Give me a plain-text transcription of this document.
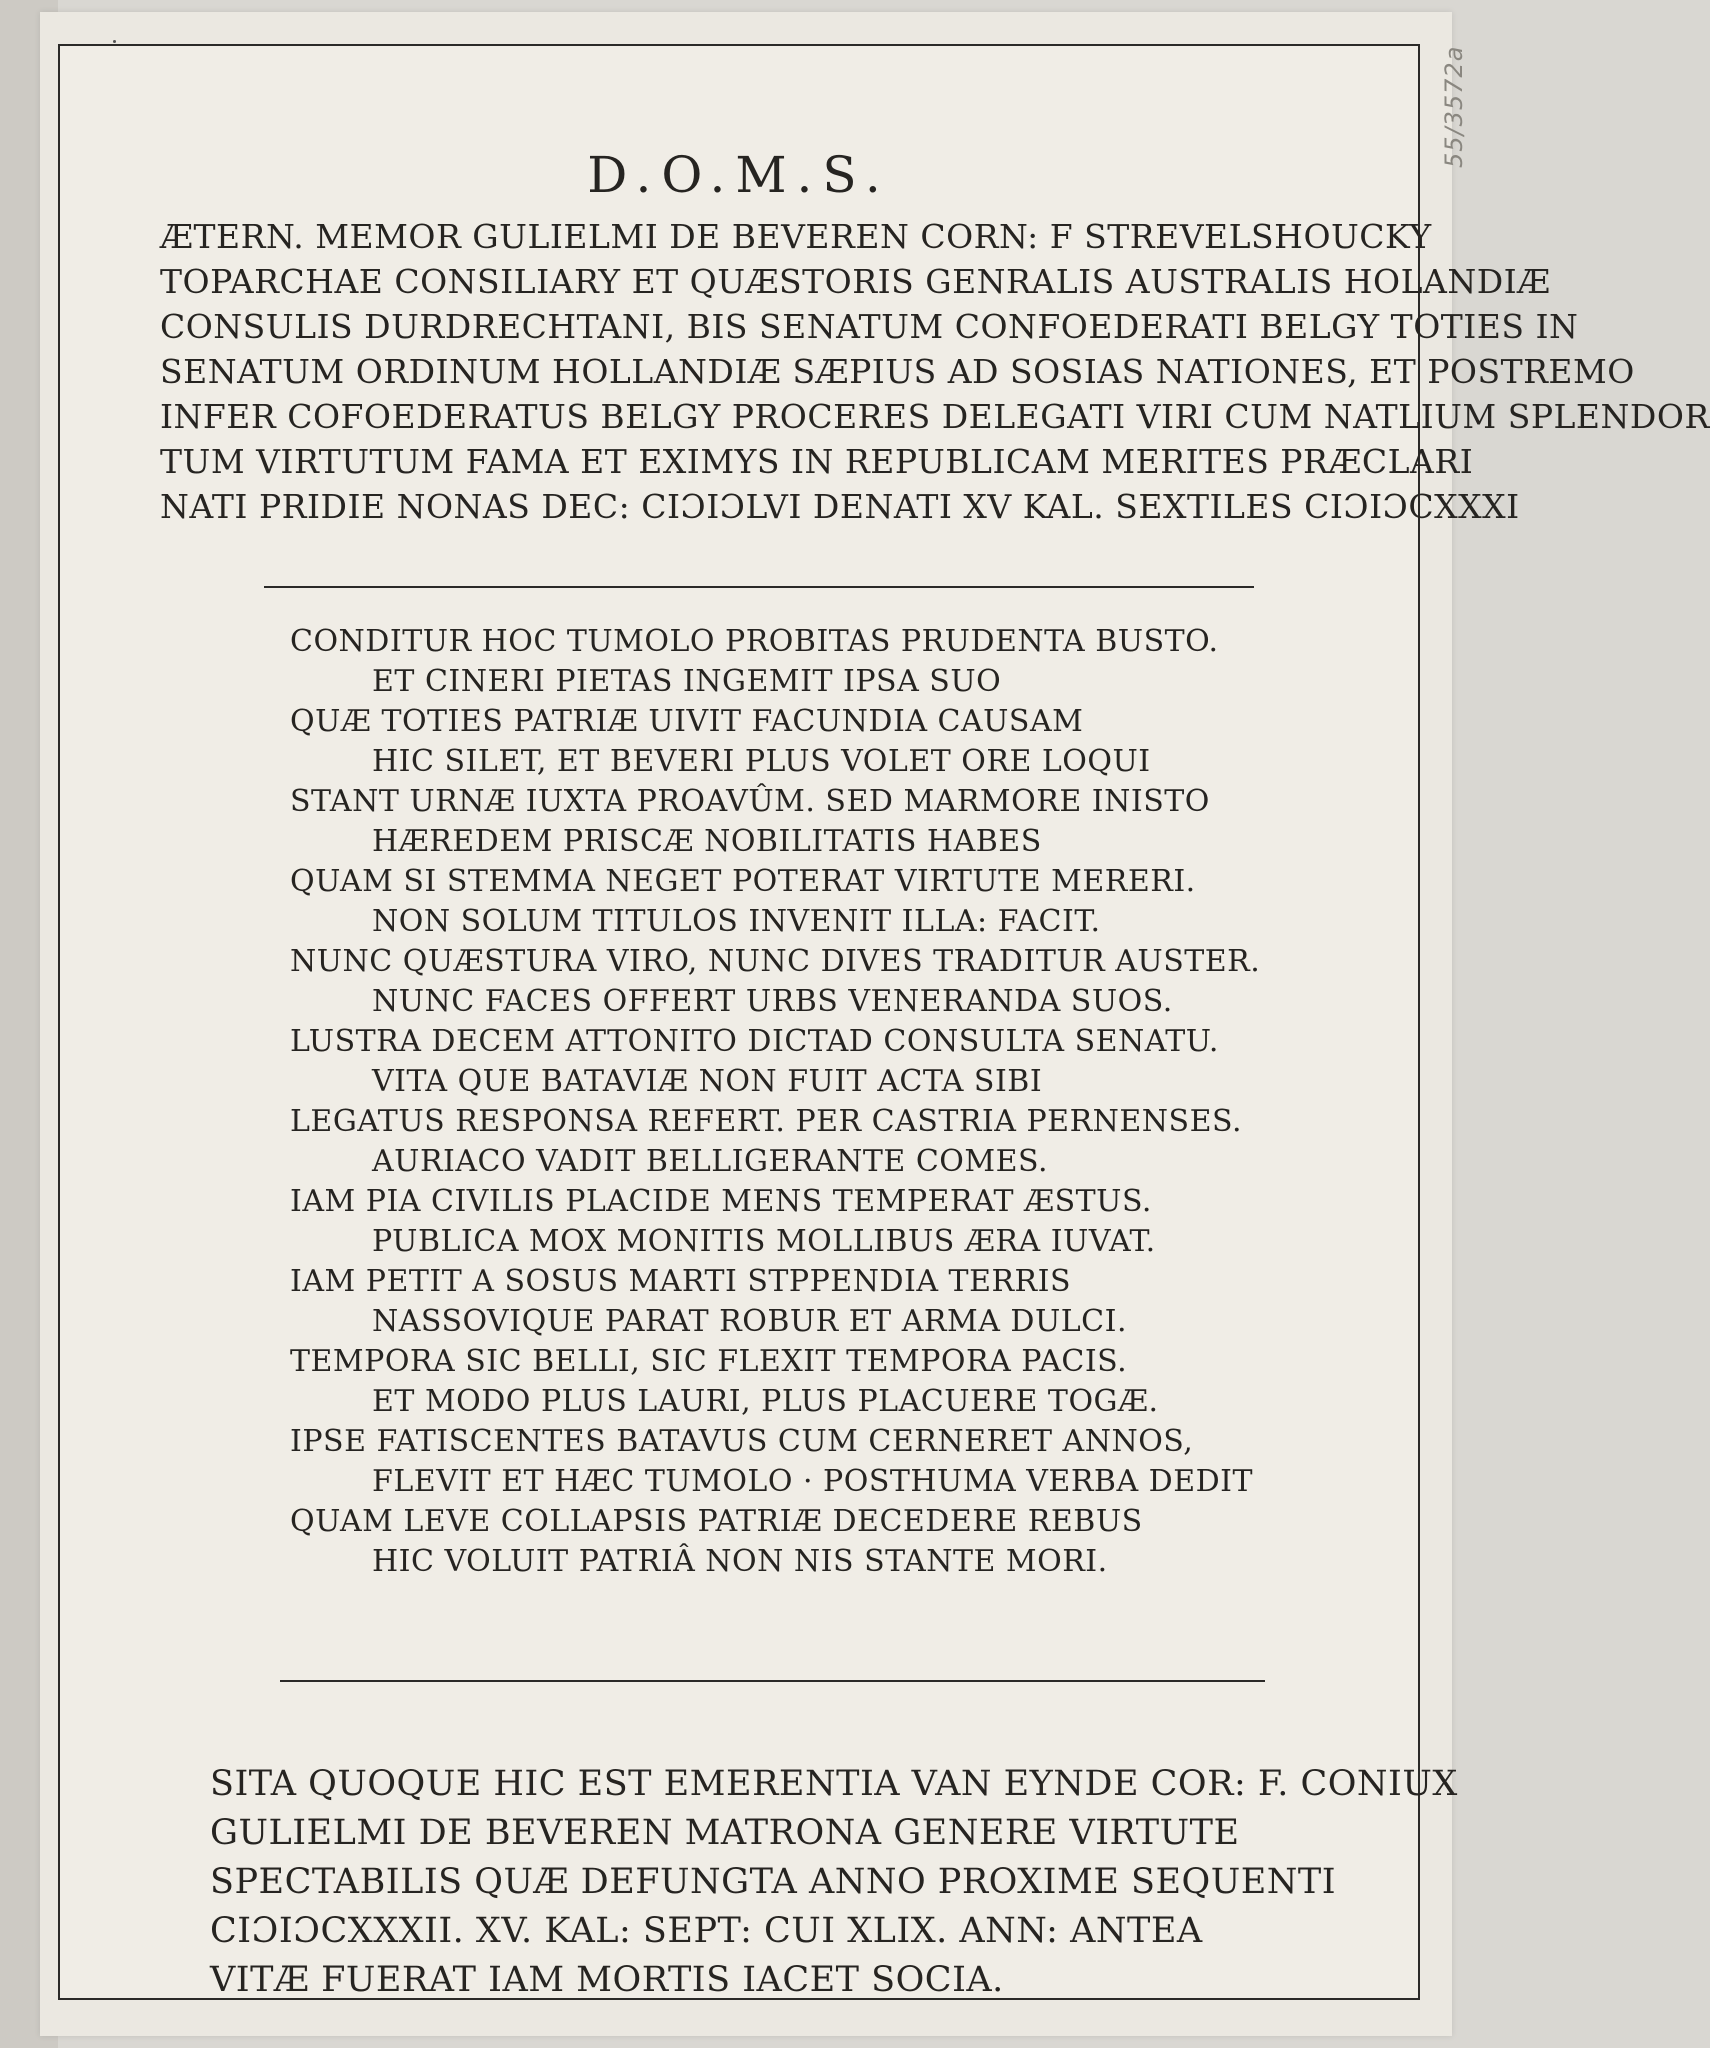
55/3572a
D.O.M.S.
ÆTERN. MEMOR GULIELMI DE BEVEREN CORN: F STREVELSHOUCKY
TOPARCHAE CONSILIARY ET QUÆSTORIS GENRALIS AUSTRALIS HOLANDIÆ
CONSULIS DURDRECHTANI, BIS SENATUM CONFOEDERATI BELGY TOTIES IN
SENATUM ORDINUM HOLLANDIÆ SÆPIUS AD SOSIAS NATIONES, ET POSTREMO
INFER COFOEDERATUS BELGY PROCERES DELEGATI VIRI CUM NATLIUM SPLENDOR
TUM VIRTUTUM FAMA ET EXIMYS IN REPUBLICAM MERITES PRÆCLARI
NATI PRIDIE NONAS DEC: CIƆIƆLVI DENATI XV KAL. SEXTILES CIƆIƆCXXXI
CONDITUR HOC TUMOLO PROBITAS PRUDENTA BUSTO.
ET CINERI PIETAS INGEMIT IPSA SUO
QUÆ TOTIES PATRIÆ UIVIT FACUNDIA CAUSAM
HIC SILET, ET BEVERI PLUS VOLET ORE LOQUI
STANT URNÆ IUXTA PROAVÛM. SED MARMORE INISTO
HÆREDEM PRISCÆ NOBILITATIS HABES
QUAM SI STEMMA NEGET POTERAT VIRTUTE MERERI.
NON SOLUM TITULOS INVENIT ILLA: FACIT.
NUNC QUÆSTURA VIRO, NUNC DIVES TRADITUR AUSTER.
NUNC FACES OFFERT URBS VENERANDA SUOS.
LUSTRA DECEM ATTONITO DICTAD CONSULTA SENATU.
VITA QUE BATAVIÆ NON FUIT ACTA SIBI
LEGATUS RESPONSA REFERT. PER CASTRIA PERNENSES.
AURIACO VADIT BELLIGERANTE COMES.
IAM PIA CIVILIS PLACIDE MENS TEMPERAT ÆSTUS.
PUBLICA MOX MONITIS MOLLIBUS ÆRA IUVAT.
IAM PETIT A SOSUS MARTI STPPENDIA TERRIS
NASSOVIQUE PARAT ROBUR ET ARMA DULCI.
TEMPORA SIC BELLI, SIC FLEXIT TEMPORA PACIS.
ET MODO PLUS LAURI, PLUS PLACUERE TOGÆ.
IPSE FATISCENTES BATAVUS CUM CERNERET ANNOS,
FLEVIT ET HÆC TUMOLO · POSTHUMA VERBA DEDIT
QUAM LEVE COLLAPSIS PATRIÆ DECEDERE REBUS
HIC VOLUIT PATRIÂ NON NIS STANTE MORI.
SITA QUOQUE HIC EST EMERENTIA VAN EYNDE COR: F. CONIUX
GULIELMI DE BEVEREN MATRONA GENERE VIRTUTE
SPECTABILIS QUÆ DEFUNGTA ANNO PROXIME SEQUENTI
CIƆIƆCXXXII. XV. KAL: SEPT: CUI XLIX. ANN: ANTEA
VITÆ FUERAT IAM MORTIS IACET SOCIA.
